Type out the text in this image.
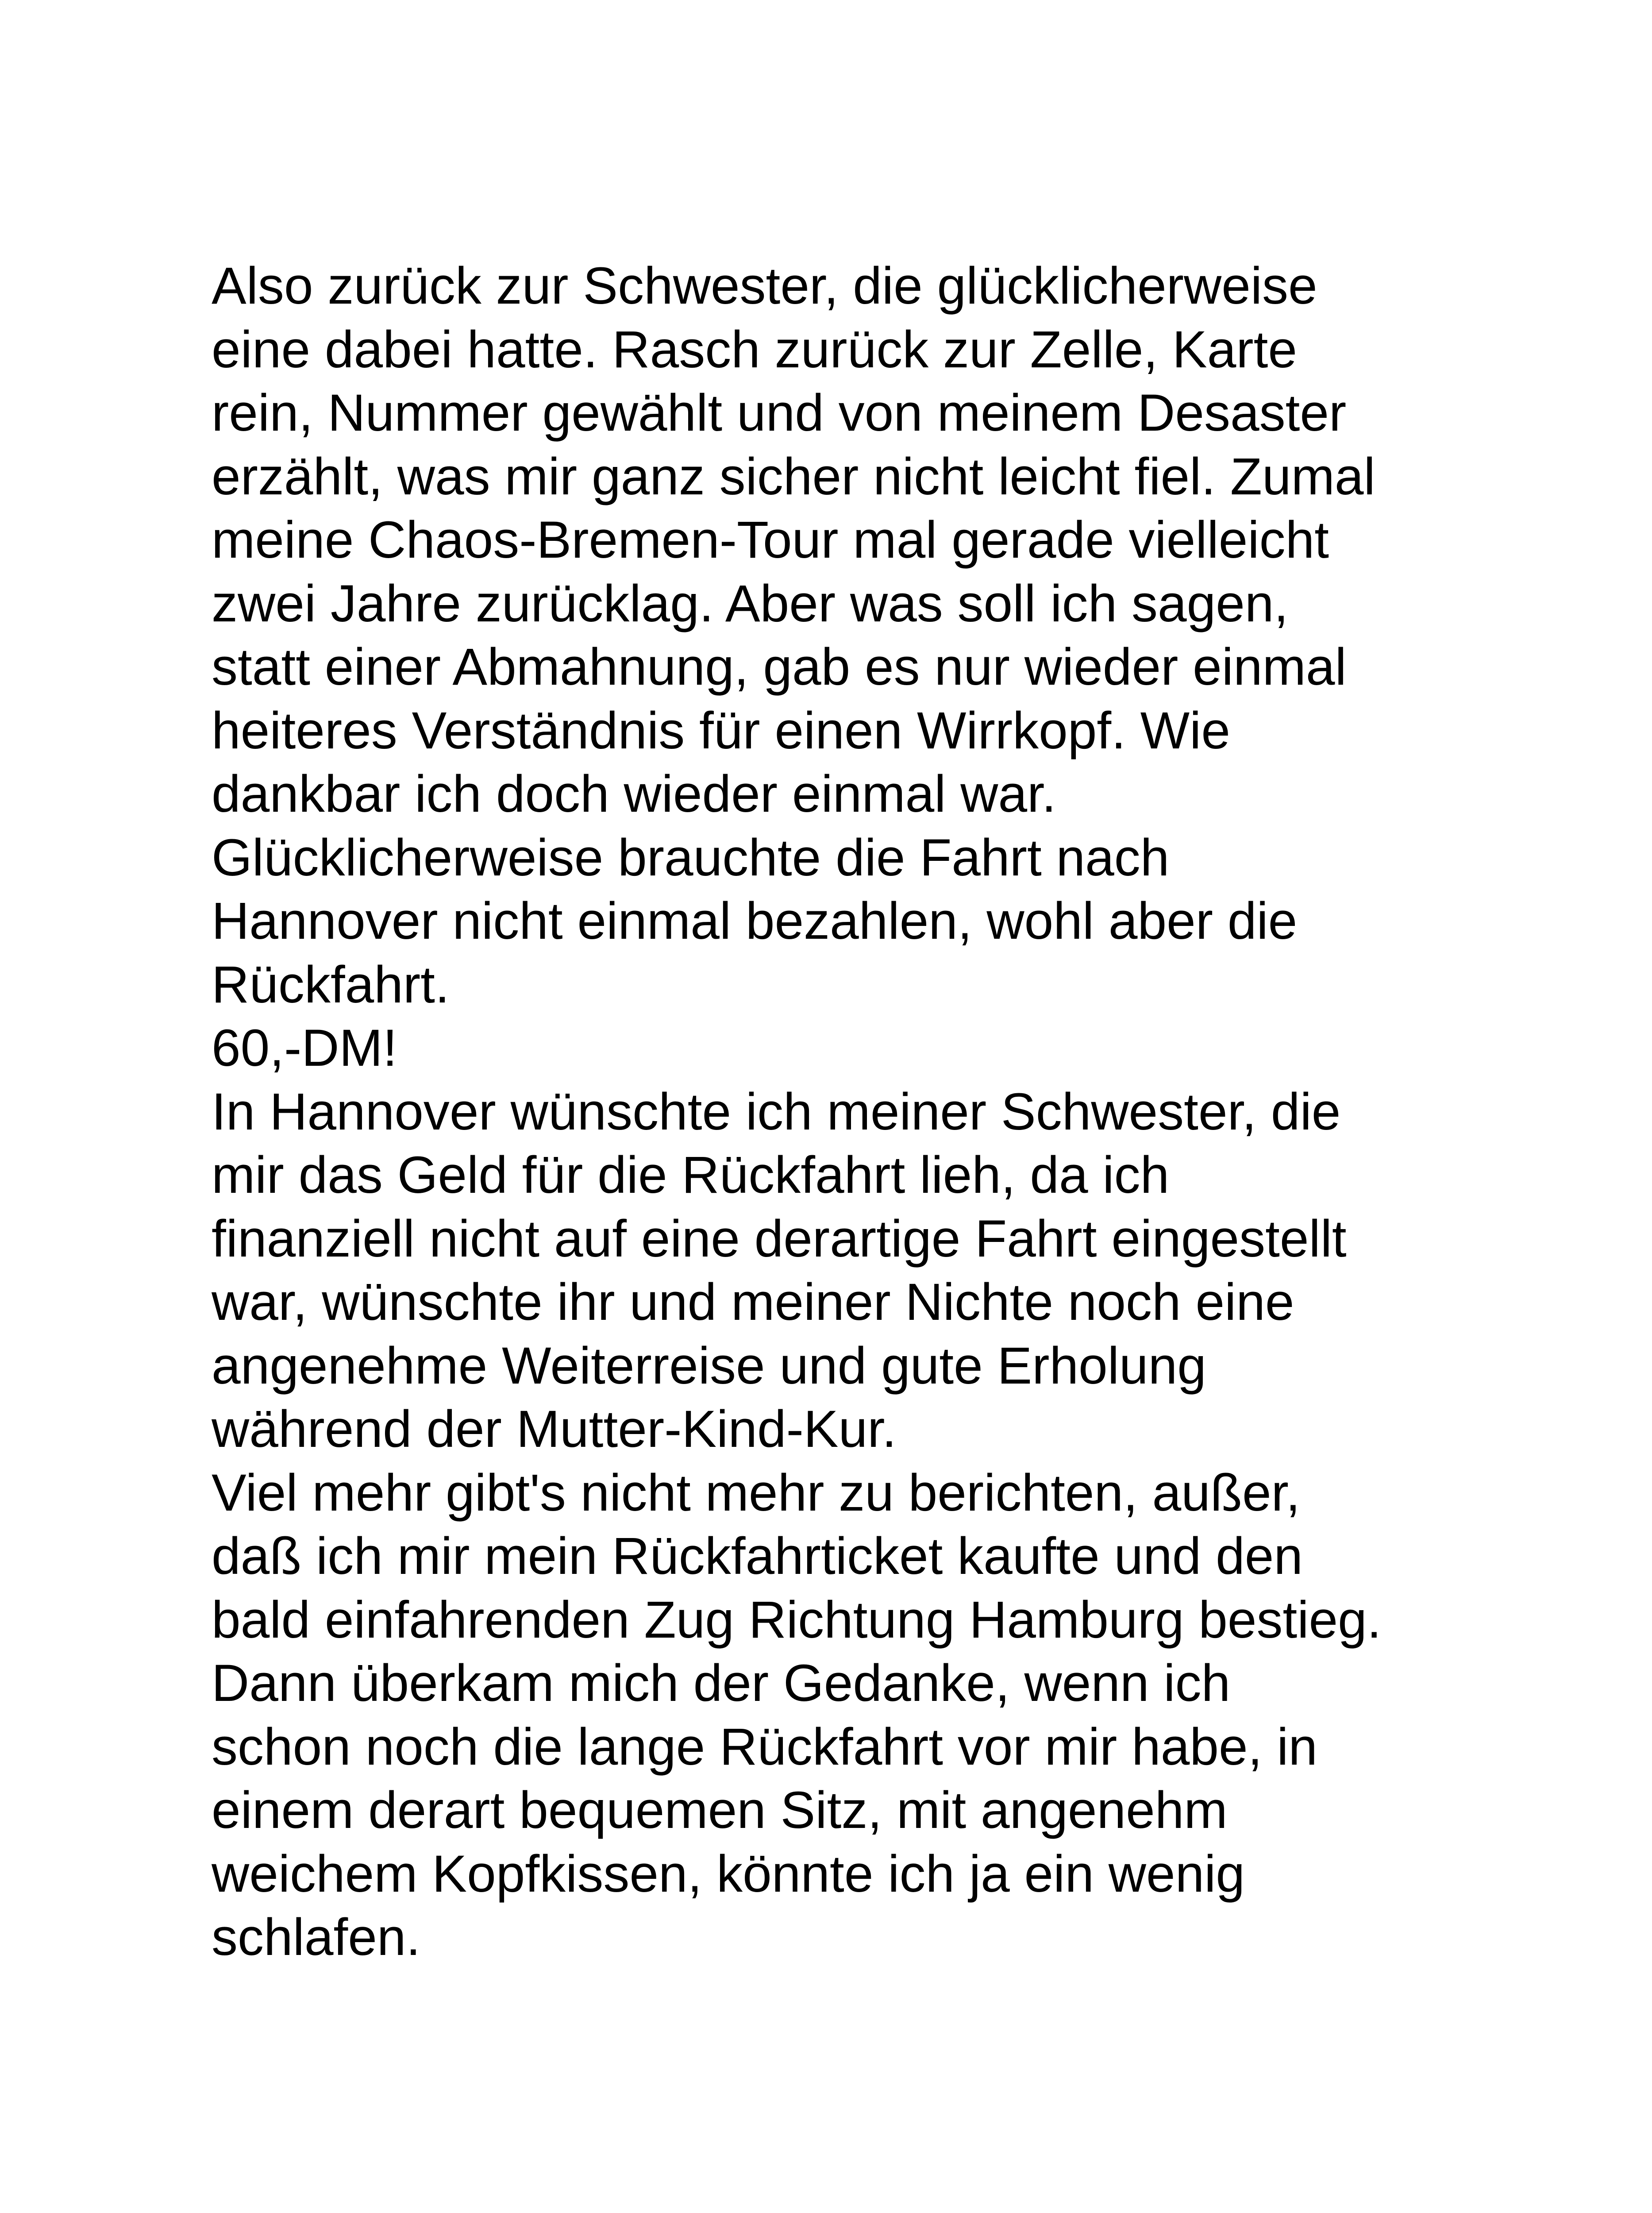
Also zurück zur Schwester, die glücklicherweise
eine dabei hatte. Rasch zurück zur Zelle, Karte
rein, Nummer gewählt und von meinem Desaster
erzählt, was mir ganz sicher nicht leicht fiel. Zumal
meine Chaos-Bremen-Tour mal gerade vielleicht
zwei Jahre zurücklag. Aber was soll ich sagen,
statt einer Abmahnung, gab es nur wieder einmal
heiteres Verständnis für einen Wirrkopf. Wie
dankbar ich doch wieder einmal war.
Glücklicherweise brauchte die Fahrt nach
Hannover nicht einmal bezahlen, wohl aber die
Rückfahrt.
60,-DM!
In Hannover wünschte ich meiner Schwester, die
mir das Geld für die Rückfahrt lieh, da ich
finanziell nicht auf eine derartige Fahrt eingestellt
war, wünschte ihr und meiner Nichte noch eine
angenehme Weiterreise und gute Erholung
während der Mutter-Kind-Kur.
Viel mehr gibt's nicht mehr zu berichten, außer,
daß ich mir mein Rückfahrticket kaufte und den
bald einfahrenden Zug Richtung Hamburg bestieg.
Dann überkam mich der Gedanke, wenn ich
schon noch die lange Rückfahrt vor mir habe, in
einem derart bequemen Sitz, mit angenehm
weichem Kopfkissen, könnte ich ja ein wenig
schlafen.
